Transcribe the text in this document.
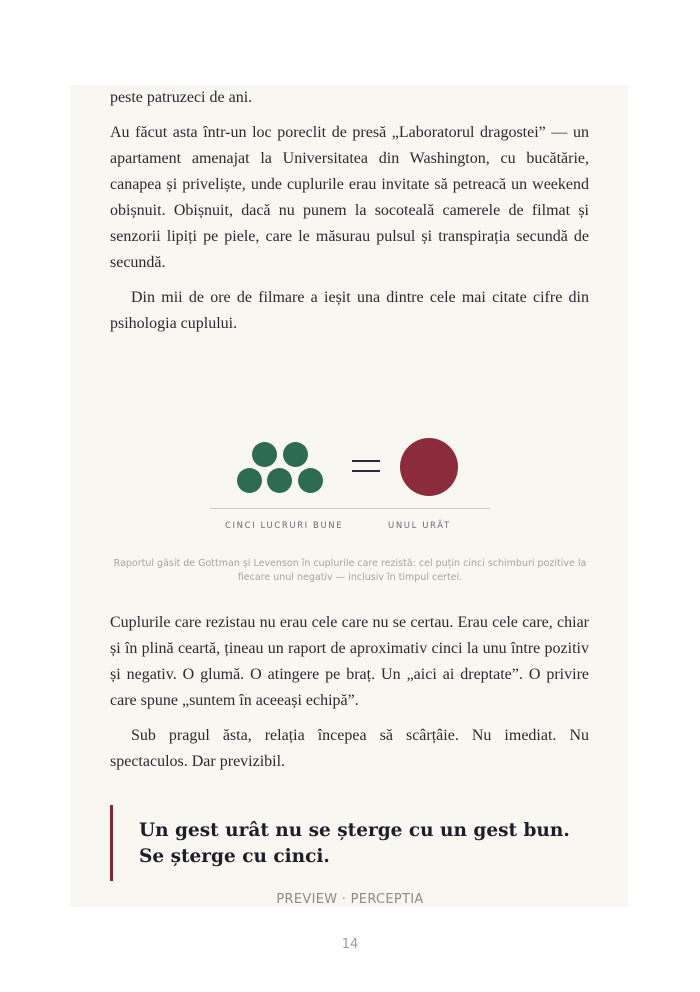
peste patruzeci de ani.

Au făcut asta într-un loc poreclit de presă „Laboratorul dragostei” — un apartament amenajat la Universitatea din Washington, cu bucătărie, canapea și priveliște, unde cuplurile erau invitate să petreacă un weekend obișnuit. Obișnuit, dacă nu punem la socoteală camerele de filmat și senzorii lipiți pe piele, care le măsurau pulsul și transpirația secundă de secundă.

Din mii de ore de filmare a ieșit una dintre cele mai citate cifre din psihologia cuplului.

CINCI LUCRURI BUNE	UNUL URÂT
Raportul găsit de Gottman și Levenson în cuplurile care rezistă: cel puțin cinci schimburi pozitive la fiecare unul negativ — inclusiv în timpul certei.

Cuplurile care rezistau nu erau cele care nu se certau. Erau cele care, chiar și în plină ceartă, țineau un raport de aproximativ cinci la unu între pozitiv și negativ. O glumă. O atingere pe braț. Un „aici ai dreptate”. O privire care spune „suntem în aceeași echipă”.

Sub pragul ăsta, relația începea să scârțâie. Nu imediat. Nu spectaculos. Dar previzibil.

Un gest urât nu se șterge cu un gest bun. Se șterge cu cinci.
PREVIEW · PERCEPTIA
14
